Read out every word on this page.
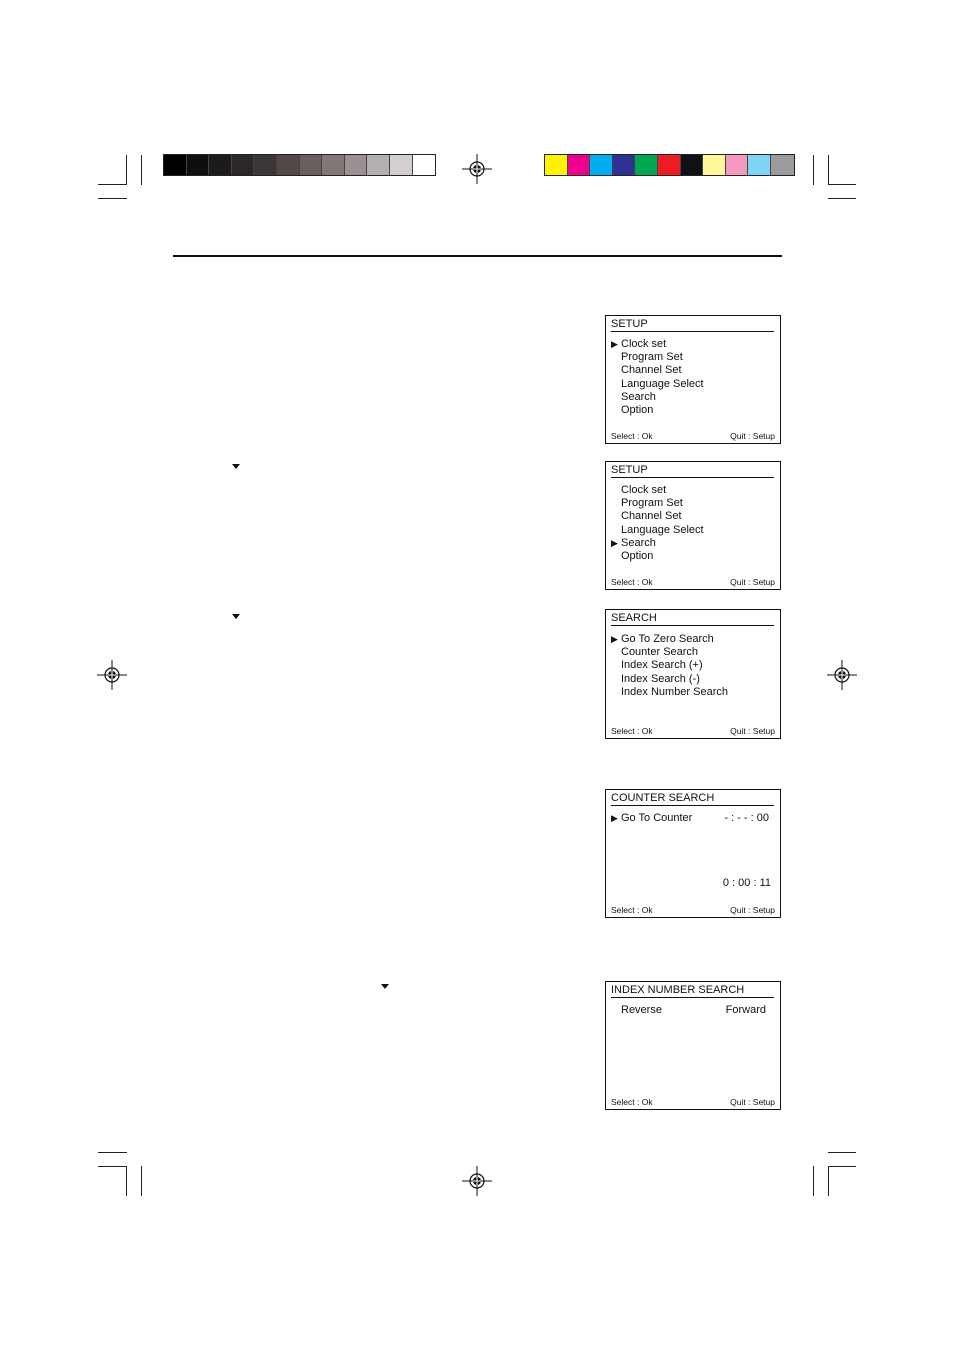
SETUP
▶ Clock set
Program Set
Channel Set
Language Select
Search
Option
Select : Ok	Quit : Setup
SETUP
Clock set
Program Set
Channel Set
Language Select
▶ Search
Option
Select : Ok	Quit : Setup
SEARCH
▶ Go To Zero Search
Counter Search
Index Search (+)
Index Search (-)
Index Number Search
Select : Ok	Quit : Setup
COUNTER SEARCH
▶ Go To Counter	- : - - : 00
0 : 00 : 11
Select : Ok	Quit : Setup
INDEX NUMBER SEARCH
Reverse	Forward
Select : Ok	Quit : Setup
